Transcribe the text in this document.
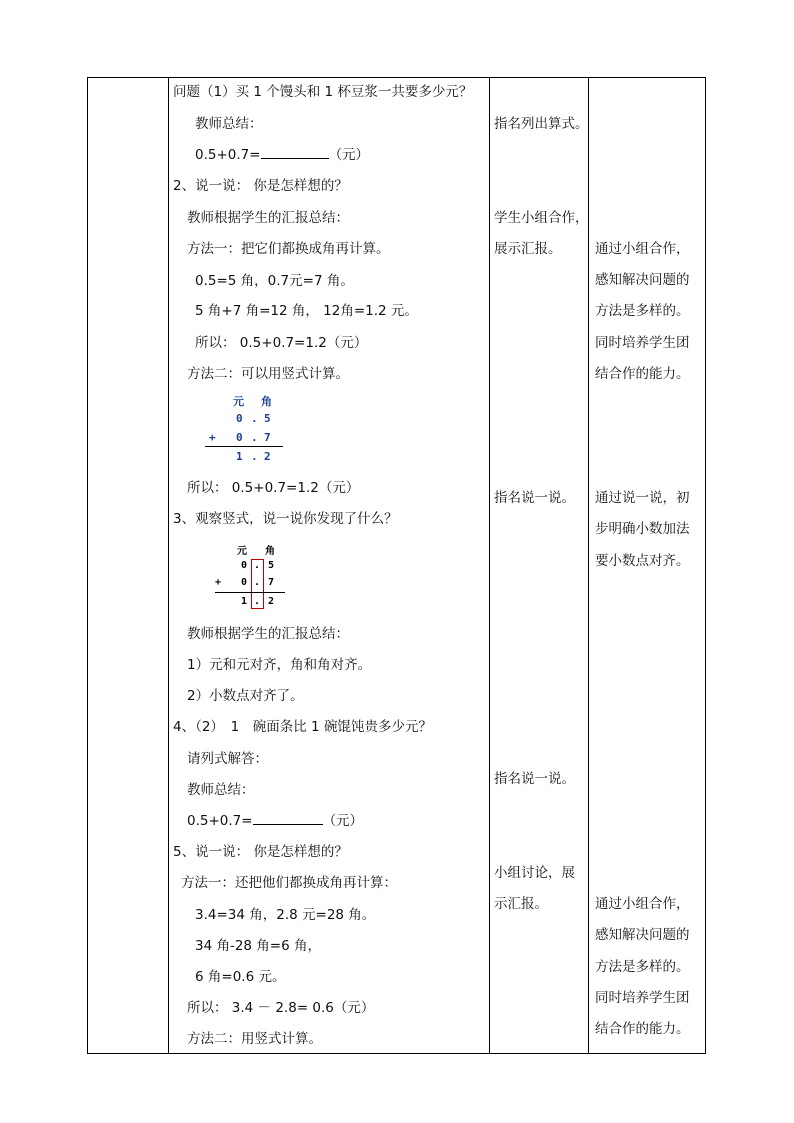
问题（1）买 1 个馒头和 1 杯豆浆一共要多少元？
教师总结：
0.5+0.7=	（元）
2、说一说： 你是怎样想的？
教师根据学生的汇报总结：
方法一：把它们都换成角再计算。
0.5=5 角，0.7元=7 角。
5 角+7 角=12 角， 12角=1.2 元。
所以： 0.5+0.7=1.2（元）
方法二：可以用竖式计算。
元 角
0 . 5
+ 0 . 7
1 . 2
所以： 0.5+0.7=1.2（元）
3、观察竖式，说一说你发现了什么？
元 角
0 . 5
+ 0 . 7
1 . 2
教师根据学生的汇报总结：
1）元和元对齐，角和角对齐。
2）小数点对齐了。
4、（2）　1　碗面条比 1 碗馄饨贵多少元？
请列式解答：
教师总结：
0.5+0.7=	（元）
5、说一说： 你是怎样想的？
方法一：还把他们都换成角再计算：
3.4=34 角，2.8 元=28 角。
34 角-28 角=6 角，
6 角=0.6 元。
所以： 3.4 － 2.8= 0.6（元）
方法二：用竖式计算。
指名列出算式。
学生小组合作，
展示汇报。
指名说一说。
指名说一说。
小组讨论，展
示汇报。
通过小组合作，
感知解决问题的
方法是多样的。
同时培养学生团
结合作的能力。
通过说一说，初
步明确小数加法
要小数点对齐。
通过小组合作，
感知解决问题的
方法是多样的。
同时培养学生团
结合作的能力。
